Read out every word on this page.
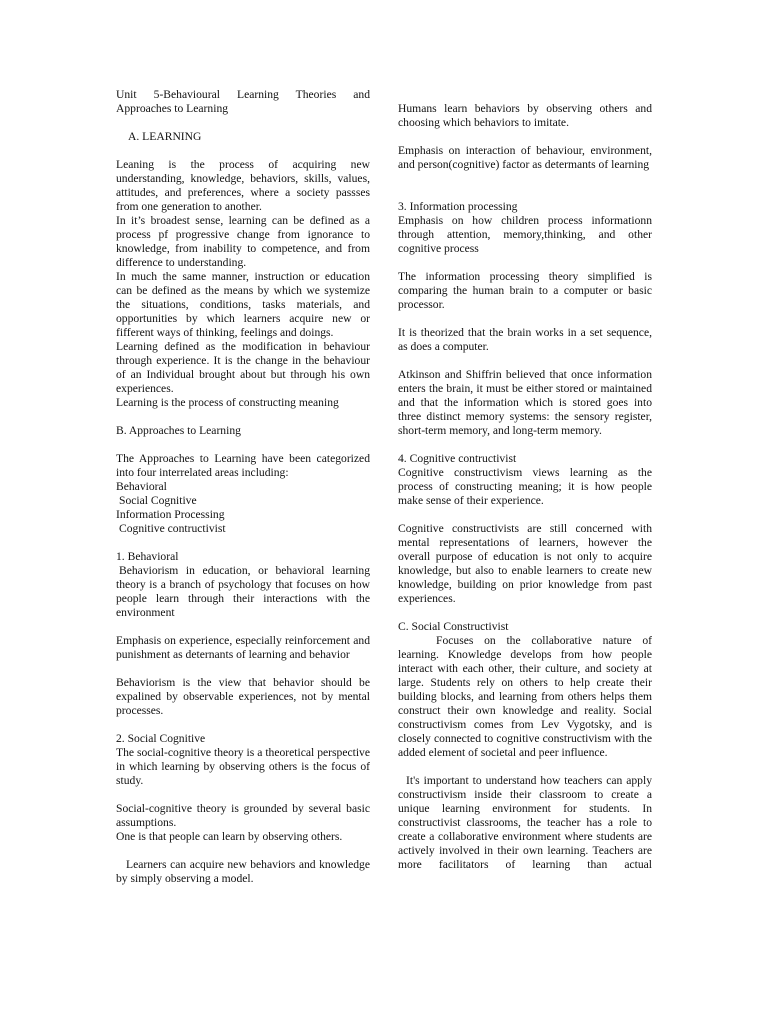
Unit 5-Behavioural Learning Theories and Approaches to Learning

A. LEARNING

Leaning is the process of acquiring new understanding, knowledge, behaviors, skills, values, attitudes, and preferences, where a society passses from one generation to another.

In it’s broadest sense, learning can be defined as a process pf progressive change from ignorance to knowledge, from inability to competence, and from difference to understanding.

In much the same manner, instruction or education can be defined as the means by which we systemize the situations, conditions, tasks materials, and opportunities by which learners acquire new or fifferent ways of thinking, feelings and doings.

Learning defined as the modification in behaviour through experience. It is the change in the behaviour of an Individual brought about but through his own experiences.

Learning is the process of constructing meaning

B. Approaches to Learning

The Approaches to Learning have been categorized into four interrelated areas including:

Behavioral

Social Cognitive

Information Processing

Cognitive contructivist

1. Behavioral

Behaviorism in education, or behavioral learning theory is a branch of psychology that focuses on how people learn through their interactions with the environment

Emphasis on experience, especially reinforcement and punishment as deternants of learning and behavior

Behaviorism is the view that behavior should be expalined by observable experiences, not by mental processes.

2. Social Cognitive

The social-cognitive theory is a theoretical perspective in which learning by observing others is the focus of study.

Social-cognitive theory is grounded by several basic assumptions.

One is that people can learn by observing others.

Learners can acquire new behaviors and knowledge by simply observing a model.

Humans learn behaviors by observing others and choosing which behaviors to imitate.

Emphasis on interaction of behaviour, environment, and person(cognitive) factor as determants of learning

3. Information processing

Emphasis on how children process informationn through attention, memory,thinking, and other cognitive process

The information processing theory simplified is comparing the human brain to a computer or basic processor.

It is theorized that the brain works in a set sequence, as does a computer.

Atkinson and Shiffrin believed that once information enters the brain, it must be either stored or maintained and that the information which is stored goes into three distinct memory systems: the sensory register, short-term memory, and long-term memory.

4. Cognitive contructivist

Cognitive constructivism views learning as the process of constructing meaning; it is how people make sense of their experience.

Cognitive constructivists are still concerned with mental representations of learners, however the overall purpose of education is not only to acquire knowledge, but also to enable learners to create new knowledge, building on prior knowledge from past experiences.

C. Social Constructivist

Focuses on the collaborative nature of learning. Knowledge develops from how people interact with each other, their culture, and society at large. Students rely on others to help create their building blocks, and learning from others helps them construct their own knowledge and reality. Social constructivism comes from Lev Vygotsky, and is closely connected to cognitive constructivism with the added element of societal and peer influence.

It's important to understand how teachers can apply constructivism inside their classroom to create a unique learning environment for students. In constructivist classrooms, the teacher has a role to create a collaborative environment where students are actively involved in their own learning. Teachers are more facilitators of learning than actual
